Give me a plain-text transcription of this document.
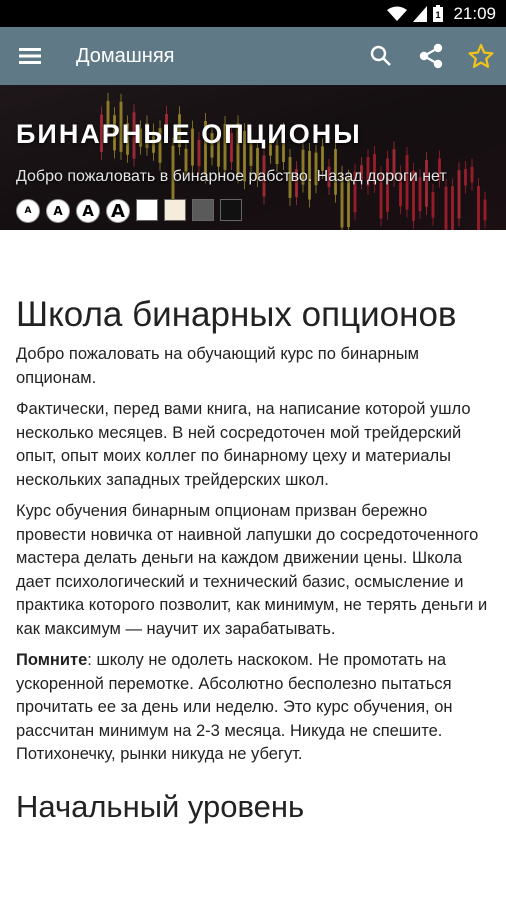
1 21:09
Домашняя
БИНАРНЫЕ ОПЦИОНЫ
Добро пожаловать в бинарное рабство. Назад дороги нет
A	A	A A
Школа бинарных опционов

Добро пожаловать на обучающий курс по бинарным опционам.

Фактически, перед вами книга, на написание которой ушло несколько месяцев. В ней сосредоточен мой трейдерский опыт, опыт моих коллег по бинарному цеху и материалы нескольких западных трейдерских школ.

Курс обучения бинарным опционам призван бережно провести новичка от наивной лапушки до сосредоточенного мастера делать деньги на каждом движении цены. Школа дает психологический и технический базис, осмысление и практика которого позволит, как минимум, не терять деньги и как максимум — научит их зарабатывать.

Помните: школу не одолеть наскоком. Не промотать на ускоренной перемотке. Абсолютно бесполезно пытаться прочитать ее за день или неделю. Это курс обучения, он рассчитан минимум на 2-3 месяца. Никуда не спешите. Потихонечку, рынки никуда не убегут.

Начальный уровень
